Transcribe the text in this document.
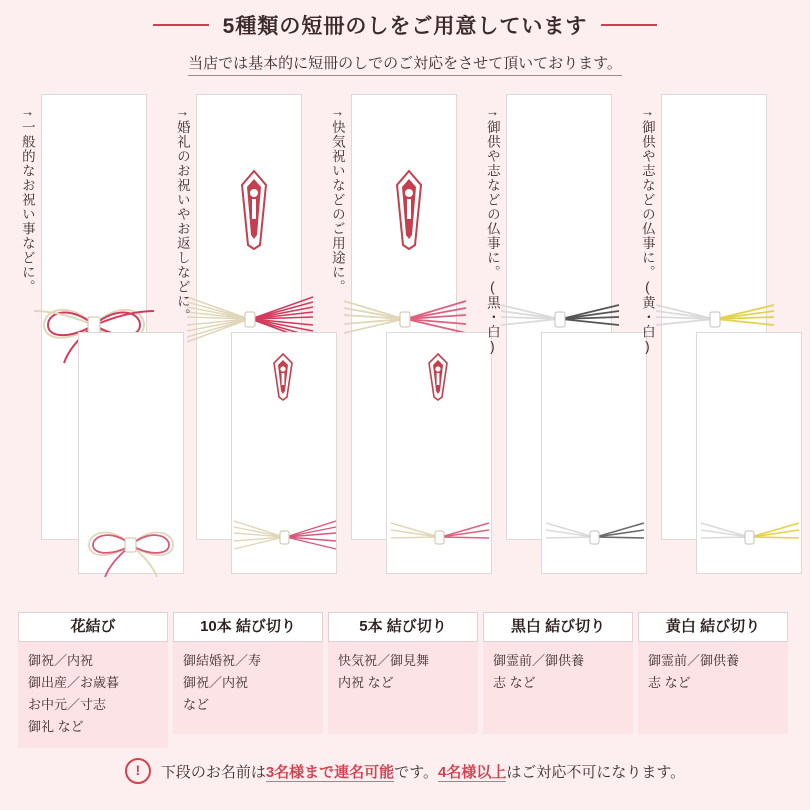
5種類の短冊のしをご用意しています
当店では基本的に短冊のしでのご対応をさせて頂いております。
→一般的なお祝い事などに。
→婚礼のお祝いやお返しなどに。
→快気祝いなどのご用途に。
→御供や志などの仏事に。(黒・白)
→御供や志などの仏事に。(黄・白)
花結び
御祝／内祝
御出産／お歳暮
お中元／寸志
御礼 など
10本 結び切り
御結婚祝／寿
御祝／内祝
など
5本 結び切り
快気祝／御見舞
内祝 など
黒白 結び切り
御霊前／御供養
志 など
黄白 結び切り
御霊前／御供養
志 など
!	下段のお名前は3名様まで連名可能です。4名様以上はご対応不可になります。
